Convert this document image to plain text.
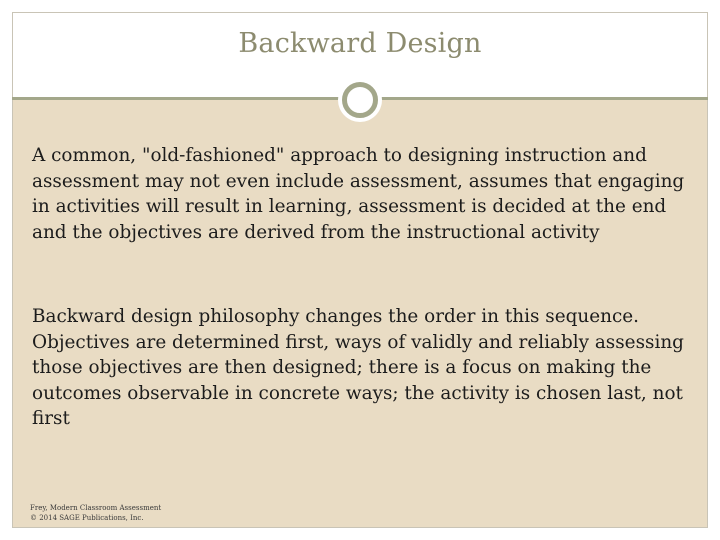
Backward Design

A common, "old-fashioned" approach to designing instruction and assessment may not even include assessment, assumes that engaging in activities will result in learning, assessment is decided at the end and the objectives are derived from the instructional activity

Backward design philosophy changes the order in this sequence. Objectives are determined first, ways of validly and reliably assessing those objectives are then designed; there is a focus on making the outcomes observable in concrete ways; the activity is chosen last, not first

Frey, Modern Classroom Assessment
© 2014 SAGE Publications, Inc.
